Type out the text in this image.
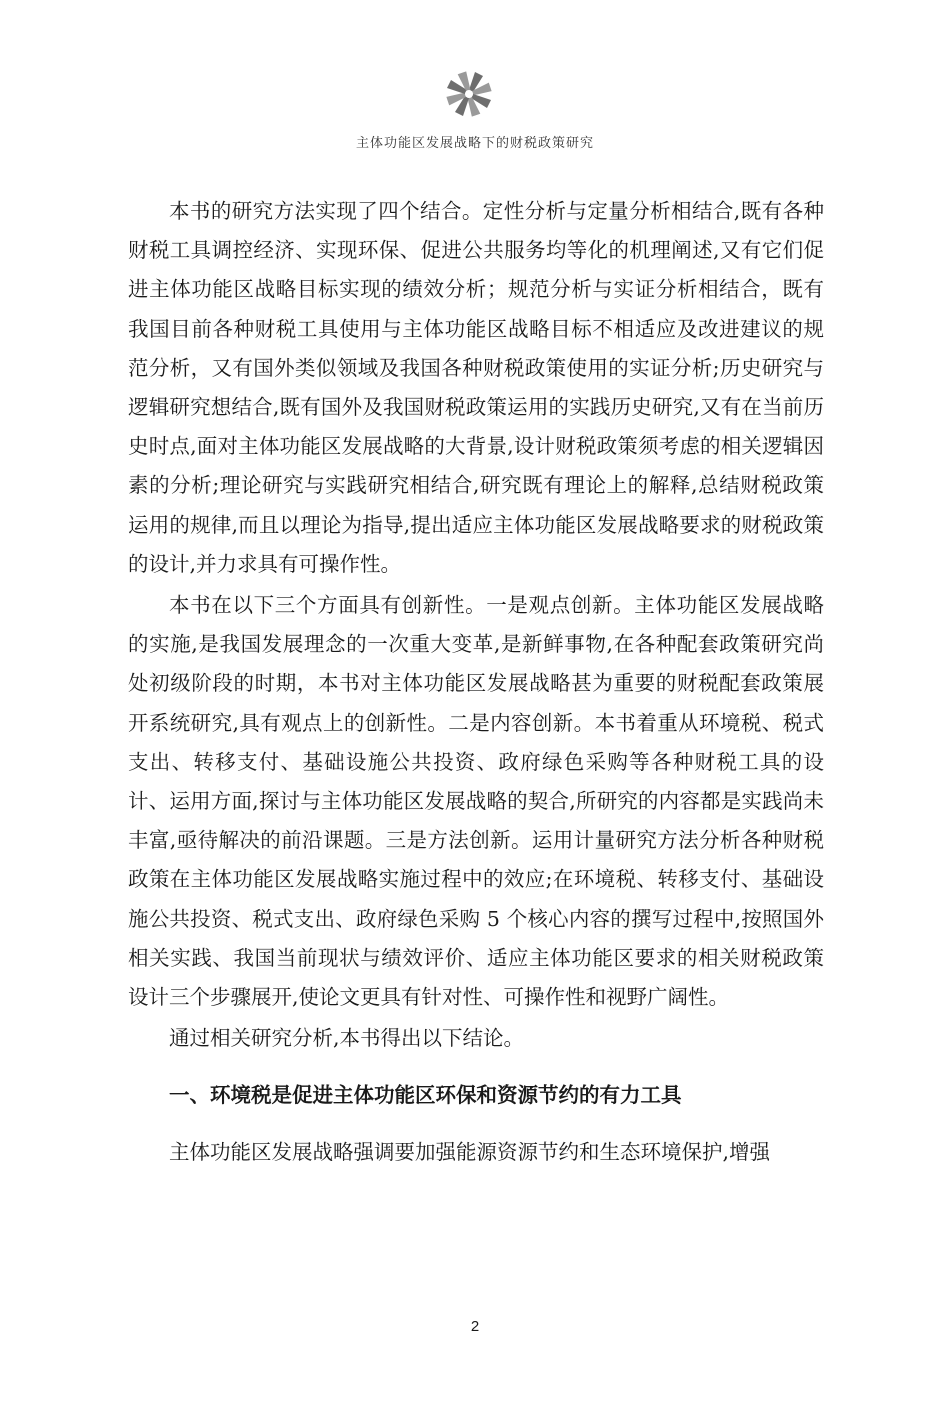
主体功能区发展战略下的财税政策研究

本书的研究方法实现了四个结合。定性分析与定量分析相结合,既有各种财税工具调控经济、实现环保、促进公共服务均等化的机理阐述,又有它们促进主体功能区战略目标实现的绩效分析；规范分析与实证分析相结合，既有我国目前各种财税工具使用与主体功能区战略目标不相适应及改进建议的规范分析，又有国外类似领域及我国各种财税政策使用的实证分析;历史研究与逻辑研究想结合,既有国外及我国财税政策运用的实践历史研究,又有在当前历史时点,面对主体功能区发展战略的大背景,设计财税政策须考虑的相关逻辑因素的分析;理论研究与实践研究相结合,研究既有理论上的解释,总结财税政策运用的规律,而且以理论为指导,提出适应主体功能区发展战略要求的财税政策的设计,并力求具有可操作性。

本书在以下三个方面具有创新性。一是观点创新。主体功能区发展战略的实施,是我国发展理念的一次重大变革,是新鲜事物,在各种配套政策研究尚处初级阶段的时期，本书对主体功能区发展战略甚为重要的财税配套政策展开系统研究,具有观点上的创新性。二是内容创新。本书着重从环境税、税式支出、转移支付、基础设施公共投资、政府绿色采购等各种财税工具的设计、运用方面,探讨与主体功能区发展战略的契合,所研究的内容都是实践尚未丰富,亟待解决的前沿课题。三是方法创新。运用计量研究方法分析各种财税政策在主体功能区发展战略实施过程中的效应;在环境税、转移支付、基础设施公共投资、税式支出、政府绿色采购 5 个核心内容的撰写过程中,按照国外相关实践、我国当前现状与绩效评价、适应主体功能区要求的相关财税政策设计三个步骤展开,使论文更具有针对性、可操作性和视野广阔性。

通过相关研究分析,本书得出以下结论。

一、环境税是促进主体功能区环保和资源节约的有力工具

主体功能区发展战略强调要加强能源资源节约和生态环境保护,增强

2
